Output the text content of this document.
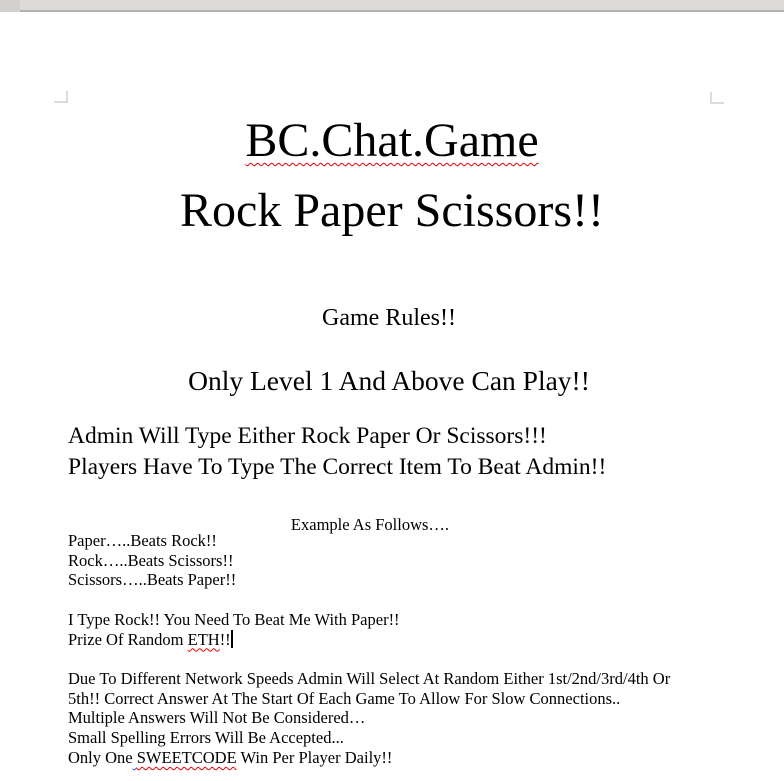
BC.Chat.Game
Rock Paper Scissors!!

Game Rules!!

Only Level 1 And Above Can Play!!

Admin Will Type Either Rock Paper Or Scissors!!!

Players Have To Type The Correct Item To Beat Admin!!

Example As Follows….

Paper…..Beats Rock!!

Rock…..Beats Scissors!!

Scissors…..Beats Paper!!

I Type Rock!! You Need To Beat Me With Paper!!

Prize Of Random ETH!!

Due To Different Network Speeds Admin Will Select At Random Either 1st/2nd/3rd/4th Or

5th!! Correct Answer At The Start Of Each Game To Allow For Slow Connections..

Multiple Answers Will Not Be Considered…

Small Spelling Errors Will Be Accepted...

Only One SWEETCODE Win Per Player Daily!!
